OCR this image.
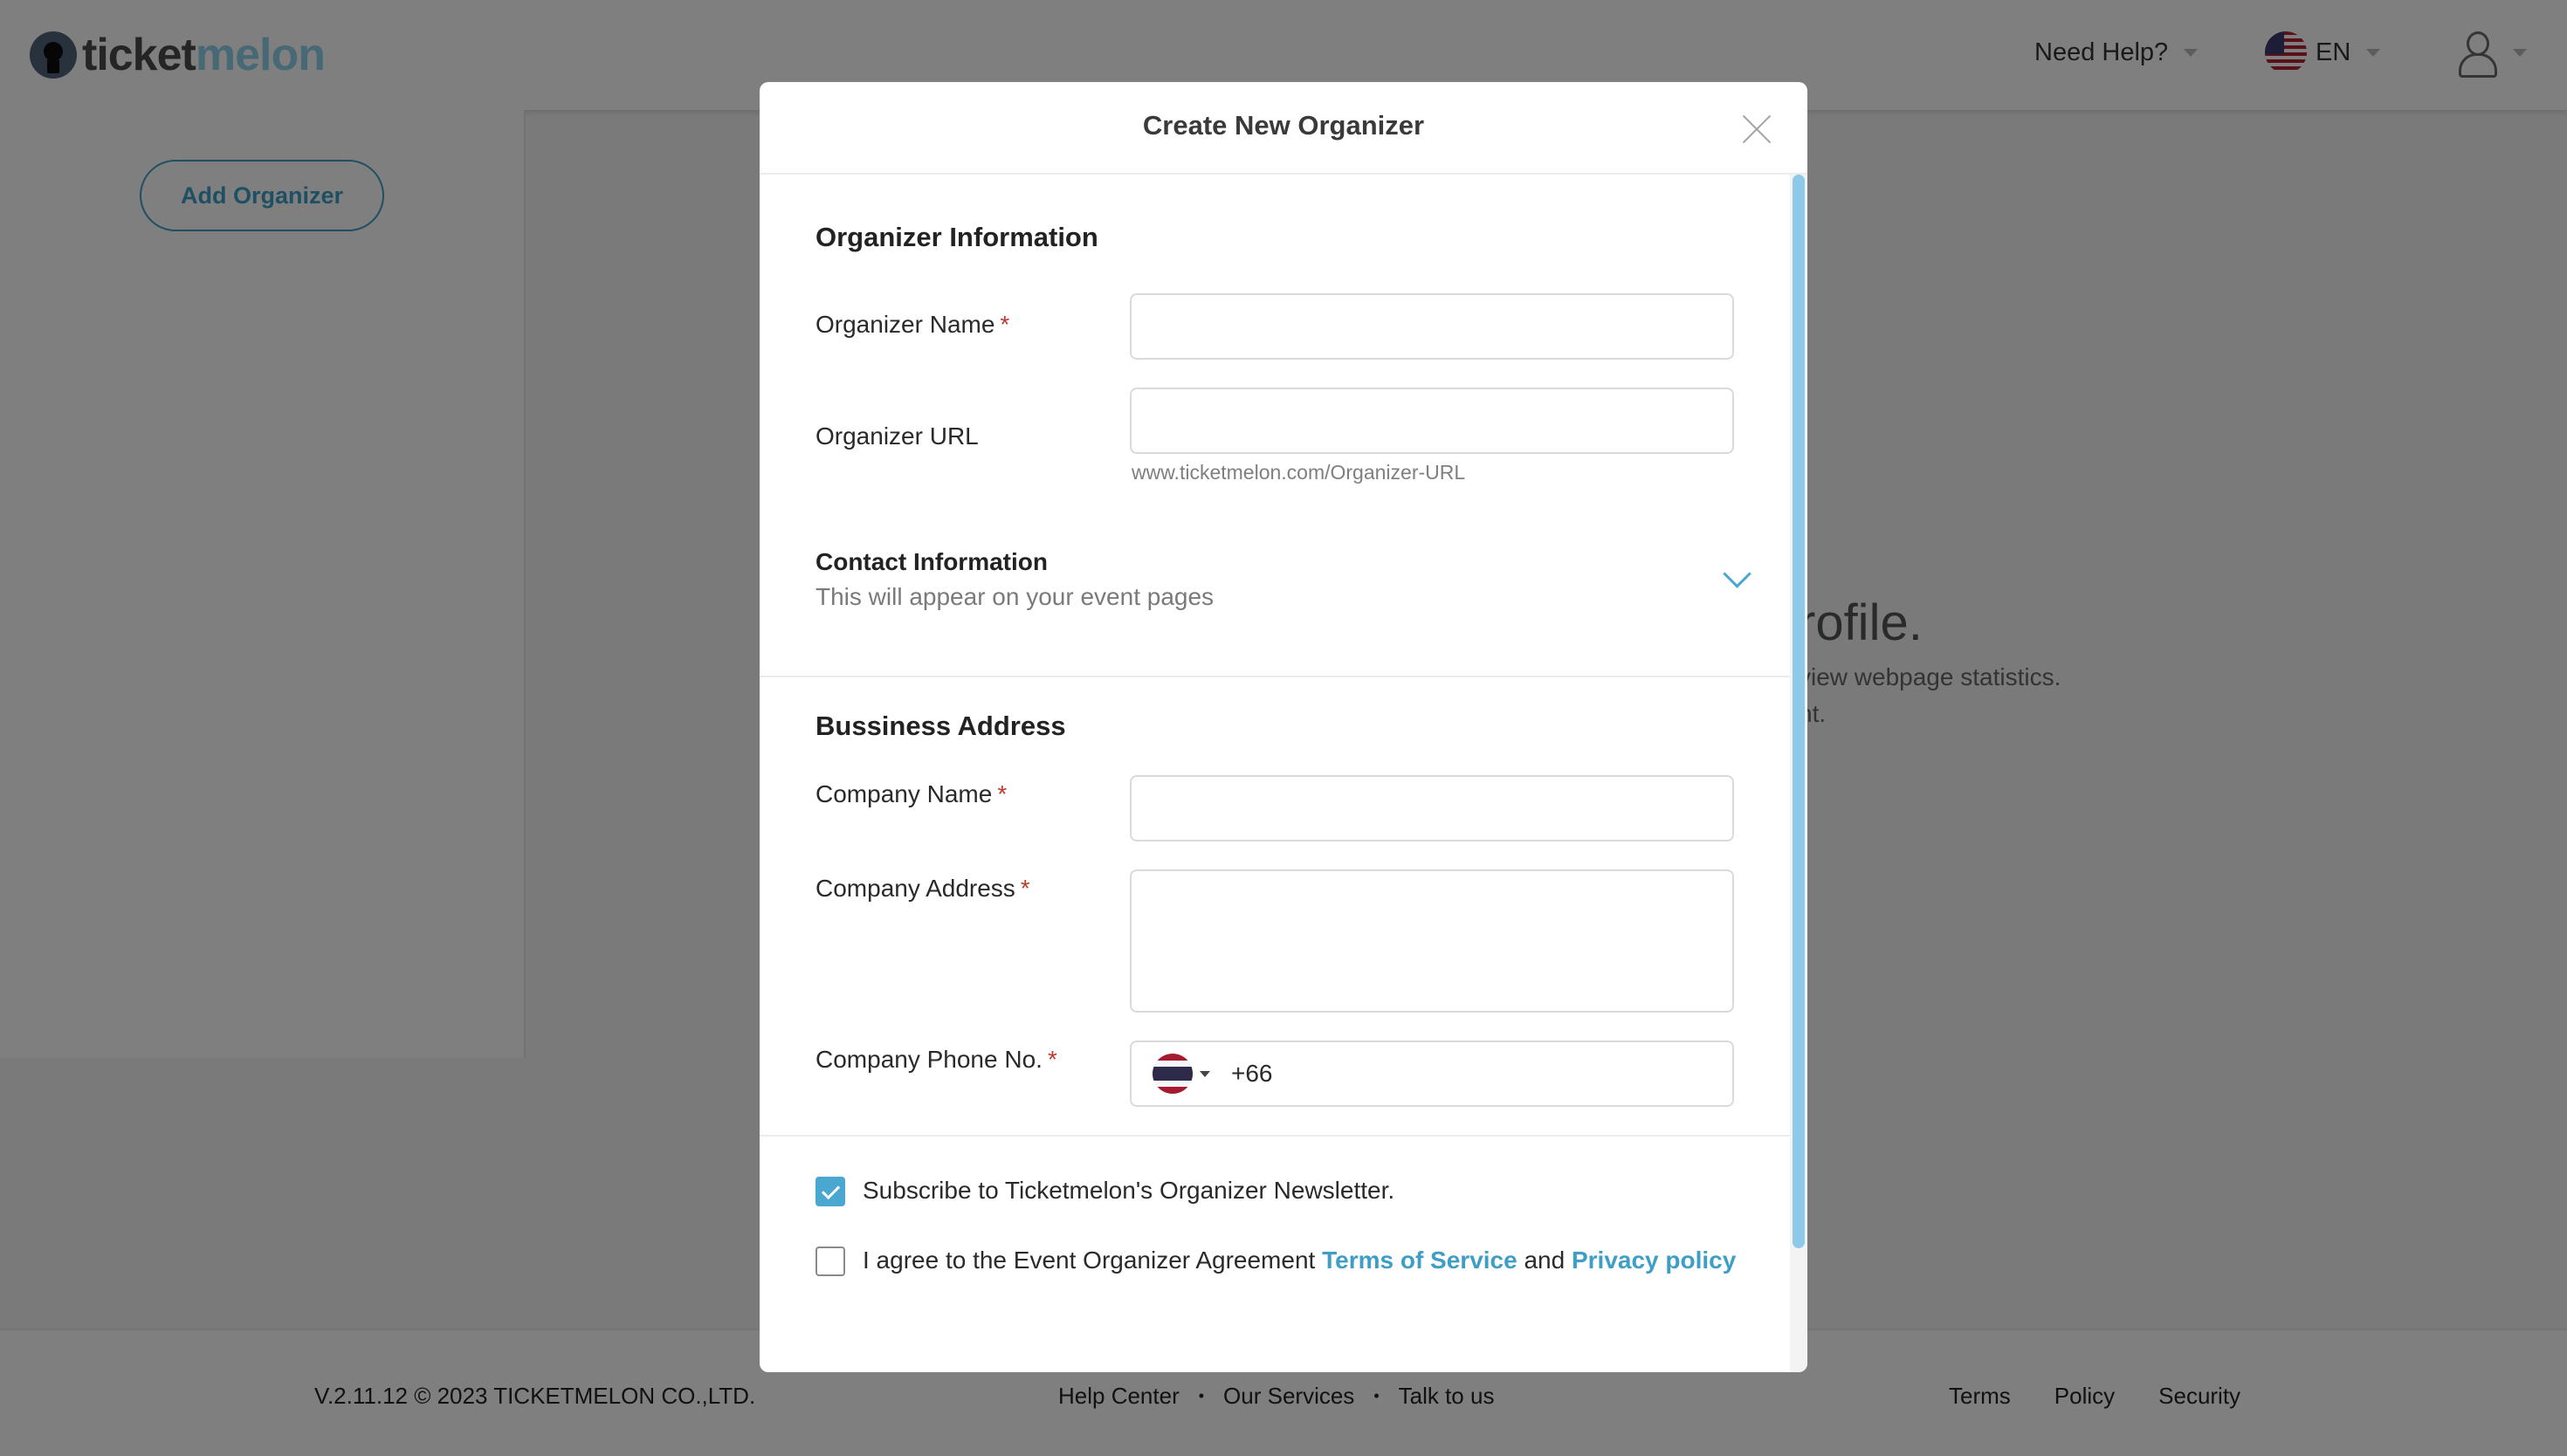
Create New Organizer
Organizer Information
Organizer Name *
Organizer URL
www.ticketmelon.com/Organizer-URL
Contact Information
This will appear on your event pages
Bussiness Address
Company Name *
Company Address *
Company Phone No. *
+66
Subscribe to Ticketmelon's Organizer Newsletter.
I agree to the Event Organizer Agreement Terms of Service and Privacy policy
